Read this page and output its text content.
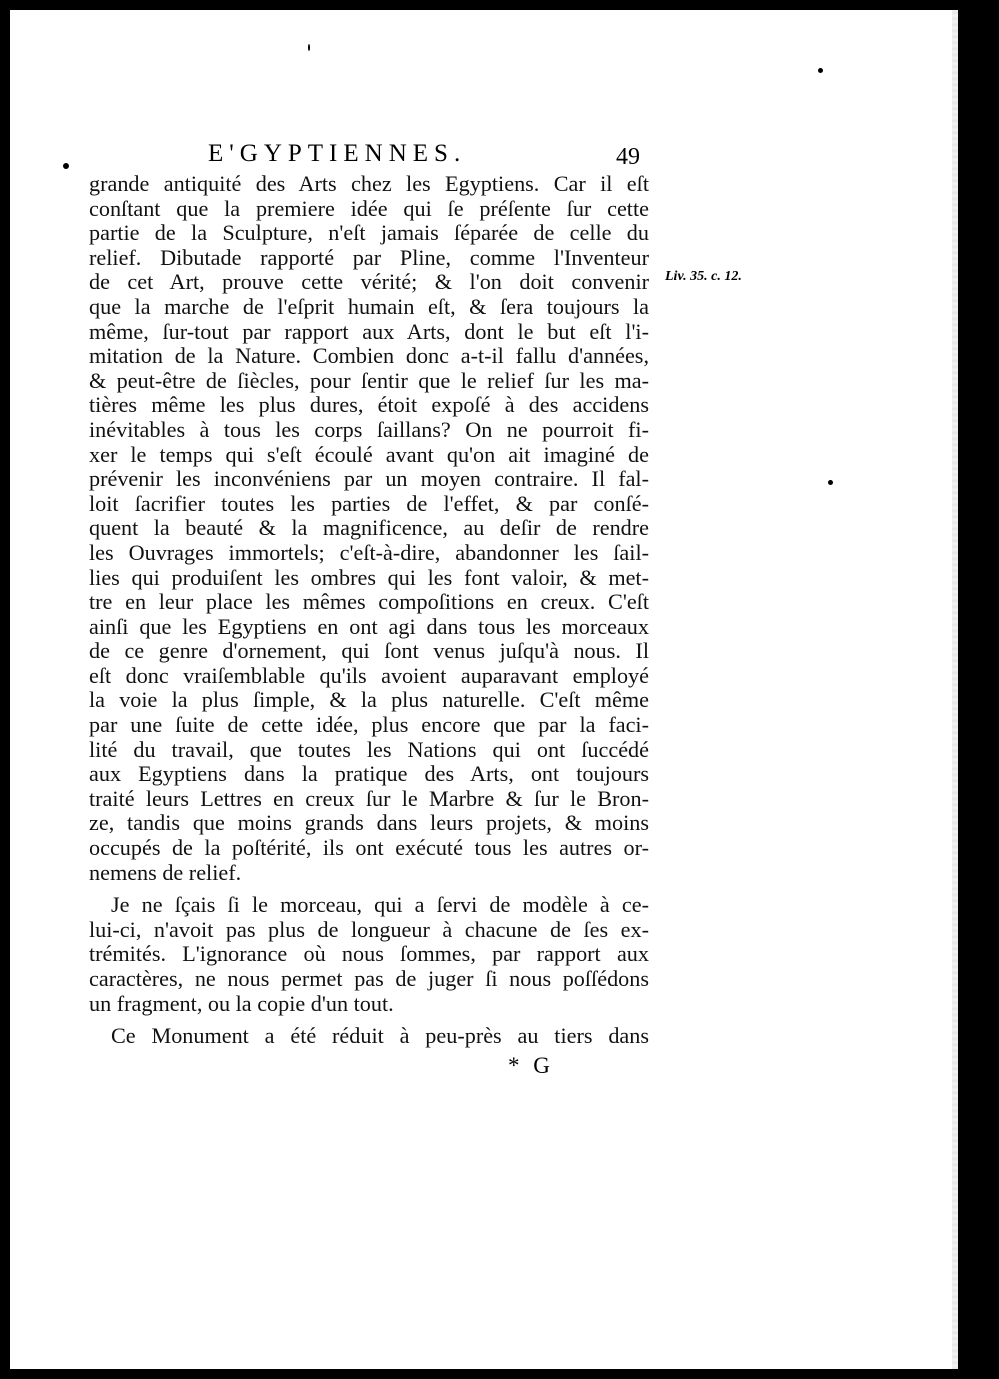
E'GYPTIENNES.	49
Liv. 35. c. 12.
grande antiquité des Arts chez les Egyptiens. Car il eſt
conſtant que la premiere idée qui ſe préſente ſur cette
partie de la Sculpture, n'eſt jamais ſéparée de celle du
relief. Dibutade rapporté par Pline, comme l'Inventeur
de cet Art, prouve cette vérité; & l'on doit convenir
que la marche de l'eſprit humain eſt, & ſera toujours la
même, ſur-tout par rapport aux Arts, dont le but eſt l'i-
mitation de la Nature. Combien donc a-t-il fallu d'années,
& peut-être de ſiècles, pour ſentir que le relief ſur les ma-
tières même les plus dures, étoit expoſé à des accidens
inévitables à tous les corps ſaillans? On ne pourroit fi-
xer le temps qui s'eſt écoulé avant qu'on ait imaginé de
prévenir les inconvéniens par un moyen contraire. Il fal-
loit ſacrifier toutes les parties de l'effet, & par conſé-
quent la beauté & la magnificence, au deſir de rendre
les Ouvrages immortels; c'eſt-à-dire, abandonner les ſail-
lies qui produiſent les ombres qui les font valoir, & met-
tre en leur place les mêmes compoſitions en creux. C'eſt
ainſi que les Egyptiens en ont agi dans tous les morceaux
de ce genre d'ornement, qui ſont venus juſqu'à nous. Il
eſt donc vraiſemblable qu'ils avoient auparavant employé
la voie la plus ſimple, & la plus naturelle. C'eſt même
par une ſuite de cette idée, plus encore que par la faci-
lité du travail, que toutes les Nations qui ont ſuccédé
aux Egyptiens dans la pratique des Arts, ont toujours
traité leurs Lettres en creux ſur le Marbre & ſur le Bron-
ze, tandis que moins grands dans leurs projets, & moins
occupés de la poſtérité, ils ont exécuté tous les autres or-
nemens de relief.
Je ne ſçais ſi le morceau, qui a ſervi de modèle à ce-
lui-ci, n'avoit pas plus de longueur à chacune de ſes ex-
trémités. L'ignorance où nous ſommes, par rapport aux
caractères, ne nous permet pas de juger ſi nous poſſédons
un fragment, ou la copie d'un tout.
Ce Monument a été réduit à peu-près au tiers dans
* G
